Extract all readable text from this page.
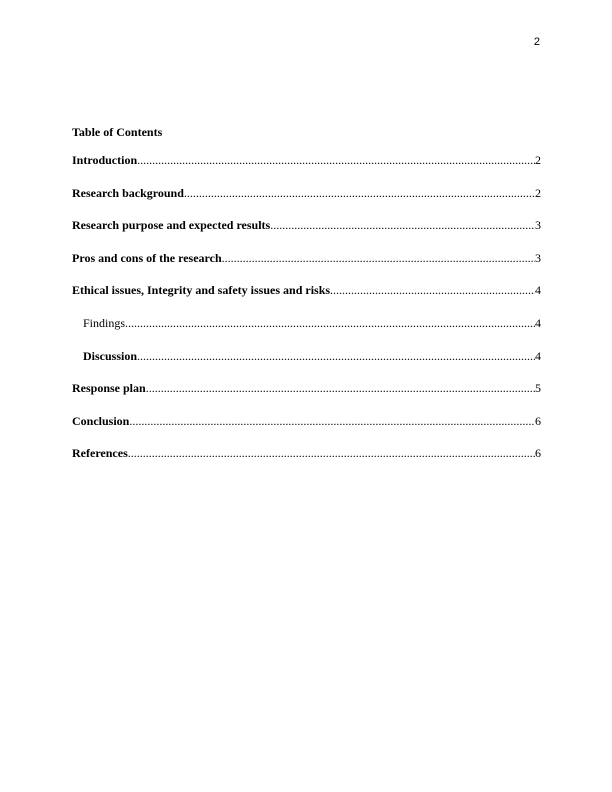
2
Table of Contents
Introduction .....	2
Research background .....	2
Research purpose and expected results .....	3
Pros and cons of the research .....	3
Ethical issues, Integrity and safety issues and risks .....	4
Findings .....	4
Discussion .....	4
Response plan .....	5
Conclusion .....	6
References .....	6
